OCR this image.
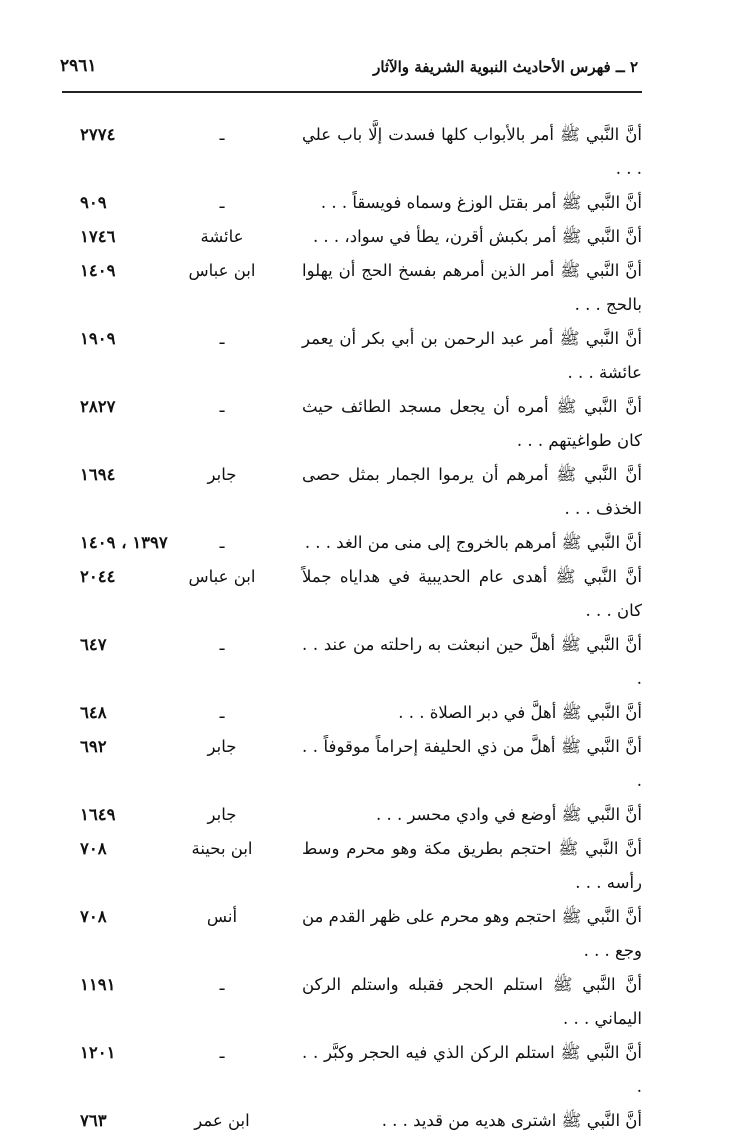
٢ ــ فهرس الأحاديث النبوية الشريفة والآثار
٢٩٦١
أنَّ النَّبي ﷺ أمر بالأبواب كلها فسدت إلَّا باب علي . . .
ـ
٢٧٧٤
أنَّ النَّبي ﷺ أمر بقتل الوزغ وسماه فويسقاً . . .
ـ
٩٠٩
أنَّ النَّبي ﷺ أمر بكبش أقرن، يطأ في سواد، . . .
عائشة
١٧٤٦
أنَّ النَّبي ﷺ أمر الذين أمرهم بفسخ الحج أن يهلوا بالحج . . .
ابن عباس
١٤٠٩
أنَّ النَّبي ﷺ أمر عبد الرحمن بن أبي بكر أن يعمر عائشة . . .
ـ
١٩٠٩
أنَّ النَّبي ﷺ أمره أن يجعل مسجد الطائف حيث كان طواغيتهم . . .
ـ
٢٨٢٧
أنَّ النَّبي ﷺ أمرهم أن يرموا الجمار بمثل حصى الخذف . . .
جابر
١٦٩٤
أنَّ النَّبي ﷺ أمرهم بالخروج إلى منى من الغد . . .
ـ
١٣٩٧ ، ١٤٠٩
أنَّ النَّبي ﷺ أهدى عام الحديبية في هداياه جملاً كان . . .
ابن عباس
٢٠٤٤
أنَّ النَّبي ﷺ أهلَّ حين انبعثت به راحلته من عند . . .
ـ
٦٤٧
أنَّ النَّبي ﷺ أهلَّ في دبر الصلاة . . .
ـ
٦٤٨
أنَّ النَّبي ﷺ أهلَّ من ذي الحليفة إحراماً موقوفاً . . .
جابر
٦٩٢
أنَّ النَّبي ﷺ أوضع في وادي محسر . . .
جابر
١٦٤٩
أنَّ النَّبي ﷺ احتجم بطريق مكة وهو محرم وسط رأسه . . .
ابن بحينة
٧٠٨
أنَّ النَّبي ﷺ احتجم وهو محرم على ظهر القدم من وجع . . .
أنس
٧٠٨
أنَّ النَّبي ﷺ استلم الحجر فقبله واستلم الركن اليماني . . .
ـ
١١٩١
أنَّ النَّبي ﷺ استلم الركن الذي فيه الحجر وكبَّر . . .
ـ
١٢٠١
أنَّ النَّبي ﷺ اشترى هديه من قديد . . .
ابن عمر
٧٦٣
